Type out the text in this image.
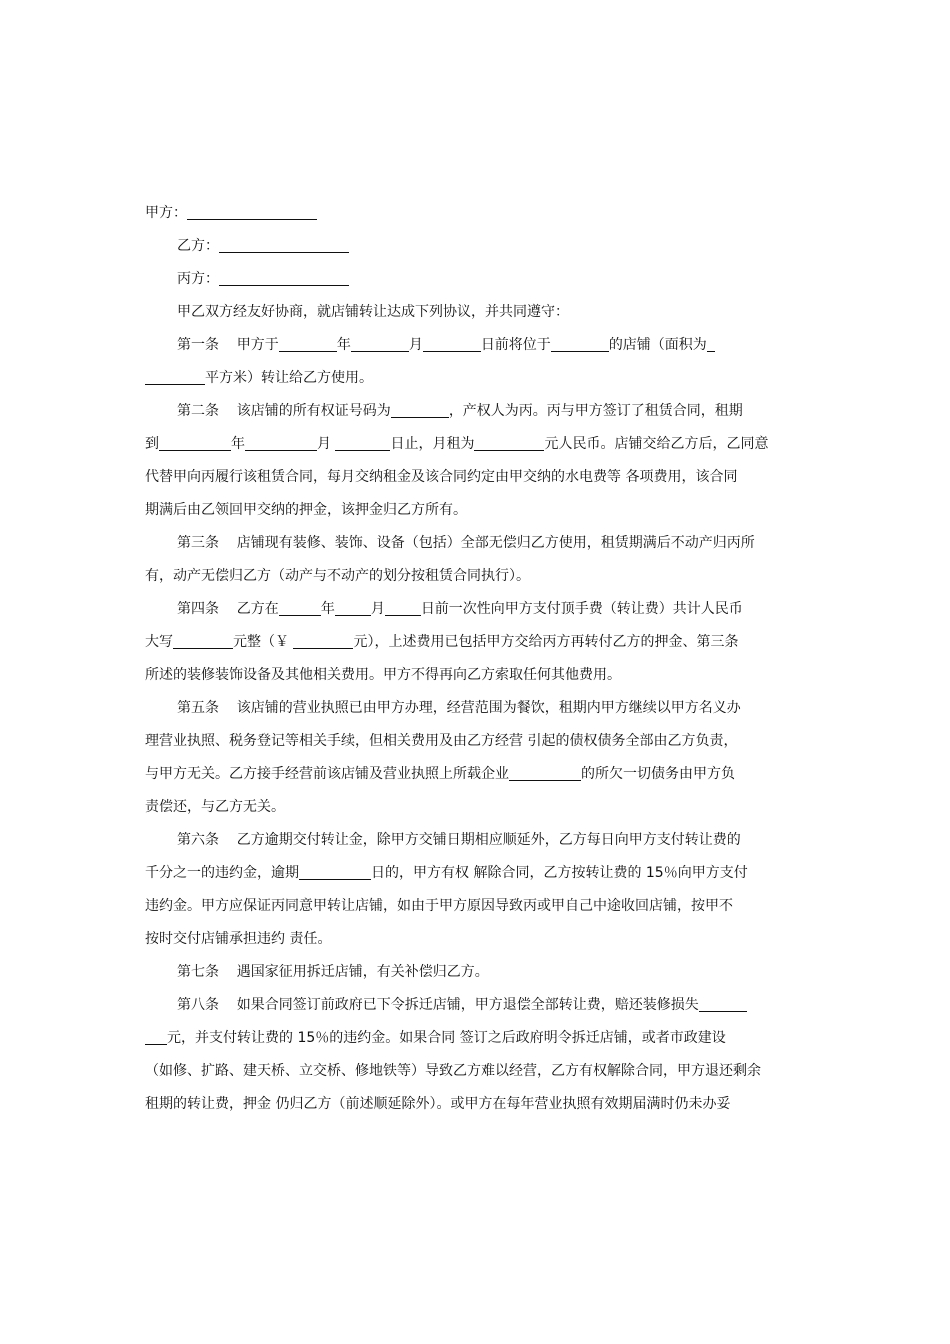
甲方：
乙方：
丙方：
甲乙双方经友好协商，就店铺转让达成下列协议，并共同遵守：
第一条    甲方于	年	月	日前将位于	的店铺（面积为
平方米）转让给乙方使用。
第二条    该店铺的所有权证号码为	，产权人为丙。丙与甲方签订了租赁合同，租期
到	年	月	日止，月租为	元人民币。店铺交给乙方后，乙同意
代替甲向丙履行该租赁合同，每月交纳租金及该合同约定由甲交纳的水电费等 各项费用，该合同
期满后由乙领回甲交纳的押金，该押金归乙方所有。
第三条    店铺现有装修、装饰、设备（包括）全部无偿归乙方使用，租赁期满后不动产归丙所
有，动产无偿归乙方（动产与不动产的划分按租赁合同执行）。
第四条    乙方在	年	月	日前一次性向甲方支付顶手费（转让费）共计人民币
大写	元整（￥	元），上述费用已包括甲方交给丙方再转付乙方的押金、第三条
所述的装修装饰设备及其他相关费用。甲方不得再向乙方索取任何其他费用。
第五条    该店铺的营业执照已由甲方办理，经营范围为餐饮，租期内甲方继续以甲方名义办
理营业执照、税务登记等相关手续，但相关费用及由乙方经营 引起的债权债务全部由乙方负责，
与甲方无关。乙方接手经营前该店铺及营业执照上所载企业	的所欠一切债务由甲方负
责偿还，与乙方无关。
第六条    乙方逾期交付转让金，除甲方交铺日期相应顺延外，乙方每日向甲方支付转让费的
千分之一的违约金，逾期	日的，甲方有权 解除合同，乙方按转让费的 15％向甲方支付
违约金。甲方应保证丙同意甲转让店铺，如由于甲方原因导致丙或甲自己中途收回店铺，按甲不
按时交付店铺承担违约 责任。
第七条    遇国家征用拆迁店铺，有关补偿归乙方。
第八条    如果合同签订前政府已下令拆迁店铺，甲方退偿全部转让费，赔还装修损失
元，并支付转让费的 15％的违约金。如果合同 签订之后政府明令拆迁店铺，或者市政建设
（如修、扩路、建天桥、立交桥、修地铁等）导致乙方难以经营，乙方有权解除合同，甲方退还剩余
租期的转让费，押金 仍归乙方（前述顺延除外）。或甲方在每年营业执照有效期届满时仍未办妥
